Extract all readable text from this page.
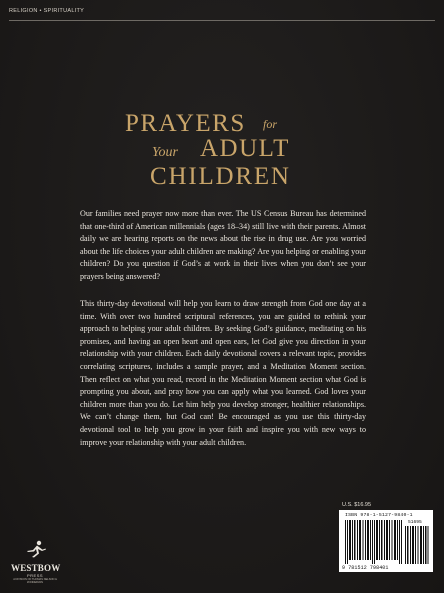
RELIGION • SPIRITUALITY
PRAYERS for
Your ADULT
CHILDREN

Our families need prayer now more than ever. The US Census Bureau has determined that one-third of American millennials (ages 18–34) still live with their parents. Almost daily we are hearing reports on the news about the rise in drug use. Are you worried about the life choices your adult children are making? Are you helping or enabling your children? Do you question if God’s at work in their lives when you don’t see your prayers being answered?

This thirty-day devotional will help you learn to draw strength from God one day at a time. With over two hundred scriptural references, you are guided to rethink your approach to helping your adult children. By seeking God’s guidance, meditating on his promises, and having an open heart and open ears, let God give you direction in your relationship with your children. Each daily devotional covers a relevant topic, provides correlating scriptures, includes a sample prayer, and a Meditation Moment section. Then reflect on what you read, record in the Meditation Moment section what God is prompting you about, and pray how you can apply what you learned. God loves your children more than you do. Let him help you develop stronger, healthier relationships. We can’t change them, but God can! Be encouraged as you use this thirty-day devotional tool to help you grow in your faith and inspire you with new ways to improve your relationship with your adult children.

WESTBOW
PRESS
A DIVISION OF THOMAS NELSON & ZONDERVAN
U.S. $16.95
ISBN 978-1-5127-9840-1
51695
9 781512 798401
